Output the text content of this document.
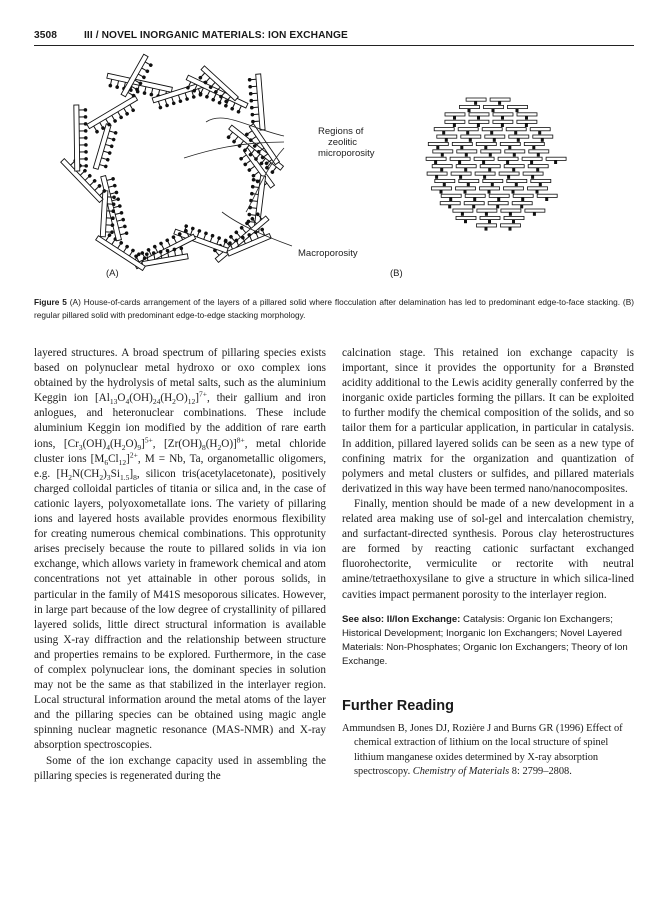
3508	III / NOVEL INORGANIC MATERIALS: ION EXCHANGE
Regions of
zeolitic
microporosity
Macroporosity
(A)	(B)
Figure 5 (A) House-of-cards arrangement of the layers of a pillared solid where flocculation after delamination has led to predominant edge-to-face stacking. (B) regular pillared solid with predominant edge-to-edge stacking morphology.

layered structures. A broad spectrum of pillaring species exists based on polynuclear metal hydroxo or oxo complex ions obtained by the hydrolysis of metal salts, such as the aluminium Keggin ion $[Al_{13}O_4(OH)_{24}(H_2O)_{12}]^{7+}$, their gallium and iron anlogues, and heteronuclear combinations. These include aluminium Keggin ion modified by the addition of rare earth ions, $[Cr_3(OH)_4(H_2O)_9]^{5+}$, $[Zr(OH)_8(H_2O)]^{8+}$, metal chloride cluster ions $[M_6Cl_{12}]^{2+}$, M = Nb, Ta, organometallic oligomers, e.g. $[H_2N(CH_2)_3Si_{1.5}]_8$, silicon tris(acetylacetonate), positively charged colloidal particles of titania or silica and, in the case of cationic layers, polyoxometallate ions. The variety of pillaring ions and layered hosts available provides enormous flexibility for creating numerous chemical combinations. This opprotunity arises precisely because the route to pillared solids in via ion exchange, which allows variety in framework chemical and atom concentrations not yet attainable in other porous solids, in particular in the family of M41S mesoporous silicates. However, in large part because of the low degree of crystallinity of pillared layered solids, little direct structural information is available using X-ray diffraction and the relationship between structure and properties remains to be explored. Furthermore, in the case of complex polynuclear ions, the dominant species in solution may not be the same as that stabilized in the interlayer region. Local structural information around the metal atoms of the layer and the pillaring species can be obtained using magic angle spinning nuclear magnetic resonance (MAS-NMR) and X-ray absorption spectroscopies.

Some of the ion exchange capacity used in assembling the pillaring species is regenerated during the

calcination stage. This retained ion exchange capacity is important, since it provides the opportunity for a Brønsted acidity additional to the Lewis acidity generally conferred by the inorganic oxide particles forming the pillars. It can be exploited to further modify the chemical composition of the solids, and so tailor them for a particular application, in particular in catalysis. In addition, pillared layered solids can be seen as a new type of confining matrix for the organization and quantization of polymers and metal clusters or sulfides, and pillared materials derivatized in this way have been termed nano/nanocomposites.

Finally, mention should be made of a new development in a related area making use of sol-gel and intercalation chemistry, and surfactant-directed synthesis. Porous clay heterostructures are formed by reacting cationic surfactant exchanged fluorohectorite, vermiculite or rectorite with neutral amine/tetraethoxysilane to give a structure in which silica-lined cavities impact permanent porosity to the interlayer region.

See also: II/Ion Exchange: Catalysis: Organic Ion Exchangers; Historical Development; Inorganic Ion Exchangers; Novel Layered Materials: Non-Phosphates; Organic Ion Exchangers; Theory of Ion Exchange.

Further Reading

Ammundsen B, Jones DJ, Rozière J and Burns GR (1996) Effect of chemical extraction of lithium on the local structure of spinel lithium manganese oxides determined by X-ray absorption spectroscopy. Chemistry of Materials 8: 2799–2808.
